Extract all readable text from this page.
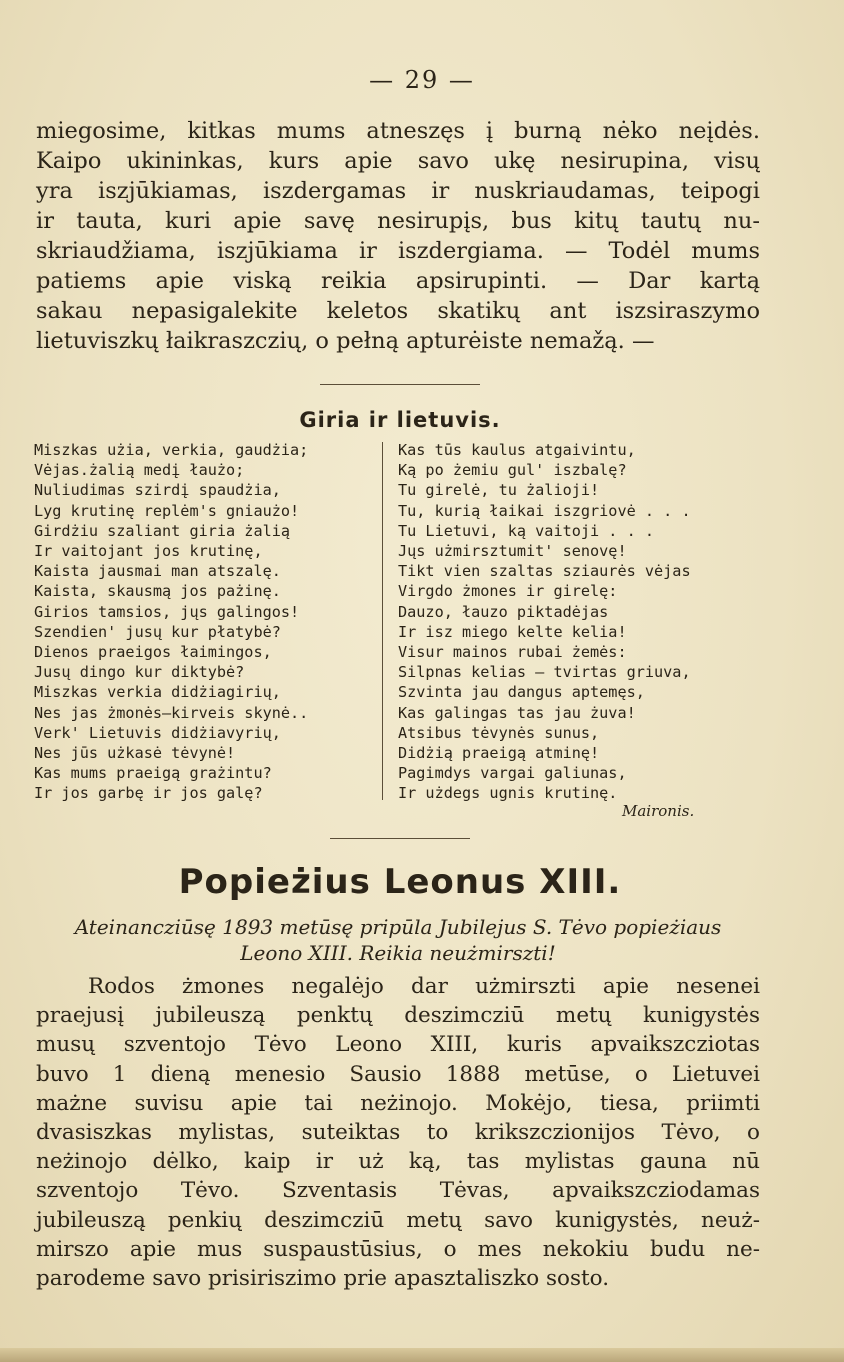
— 29 —
miegosime, kitkas mums atneszęs į burną nėko neįdės.
Kaipo ukininkas, kurs apie savo ukę nesirupina, visų
yra iszjūkiamas, iszdergamas ir nuskriaudamas, teipogi
ir tauta, kuri apie savę nesirupįs, bus kitų tautų nu-
skriaudžiama, iszjūkiama ir iszdergiama. — Todėl mums
patiems apie viską reikia apsirupinti. — Dar kartą
sakau nepasigalekite keletos skatikų ant iszsiraszymo
lietuviszkų łaikraszczių, o pełną apturėiste nemažą. —
Giria ir lietuvis.
Miszkas użia, verkia, gaudżia;
Vėjas.żalią medį łaużo;
Nuliudimas szirdį spaudżia,
Lyg krutinę replėm's gniaużo!
Girdżiu szaliant giria żalią
Ir vaitojant jos krutinę,
Kaista jausmai man atszalę.
Kaista, skausmą jos pażinę.
Girios tamsios, jųs galingos!
Szendien' jusų kur płatybė?
Dienos praeigos łaimingos,
Jusų dingo kur diktybė?
Miszkas verkia didżiagirių,
Nes jas żmonės—kirveis skynė..
Verk' Lietuvis didżiavyrių,
Nes jūs użkasė tėvynė!
Kas mums praeigą grażintu?
Ir jos garbę ir jos galę?
Kas tūs kaulus atgaivintu,
Ką po żemiu gul' iszbalę?
Tu girelė, tu żalioji!
Tu, kurią łaikai iszgriovė . . .
Tu Lietuvi, ką vaitoji . . .
Jųs użmirsztumit' senovę!
Tikt vien szaltas sziaurės vėjas
Virgdo żmones ir girelę:
Dauzo, łauzo piktadėjas
Ir isz miego kelte kelia!
Visur mainos rubai żemės:
Silpnas kelias — tvirtas griuva,
Szvinta jau dangus aptemęs,
Kas galingas tas jau żuva!
Atsibus tėvynės sunus,
Didżią praeigą atminę!
Pagimdys vargai galiunas,
Ir użdegs ugnis krutinę.
Maironis.
Popieżius Leonus XIII.
Ateinancziūsę 1893 metūsę pripūla Jubilejus S. Tėvo popieżiaus
Leono XIII. Reikia neużmirszti!
Rodos żmones negalėjo dar użmirszti apie nesenei
praejusį jubileuszą penktų deszimcziū metų kunigystės
musų szventojo Tėvo Leono XIII, kuris apvaikszcziotas
buvo 1 dieną menesio Sausio 1888 metūse, o Lietuvei
mażne suvisu apie tai neżinojo. Mokėjo, tiesa, priimti
dvasiszkas mylistas, suteiktas to krikszczionijos Tėvo, o
neżinojo dėlko, kaip ir uż ką, tas mylistas gauna nū
szventojo Tėvo. Szventasis Tėvas, apvaikszcziodamas
jubileuszą penkių deszimcziū metų savo kunigystės, neuż-
mirszo apie mus suspaustūsius, o mes nekokiu budu ne-
parodeme savo prisiriszimo prie apasztaliszko sosto.
